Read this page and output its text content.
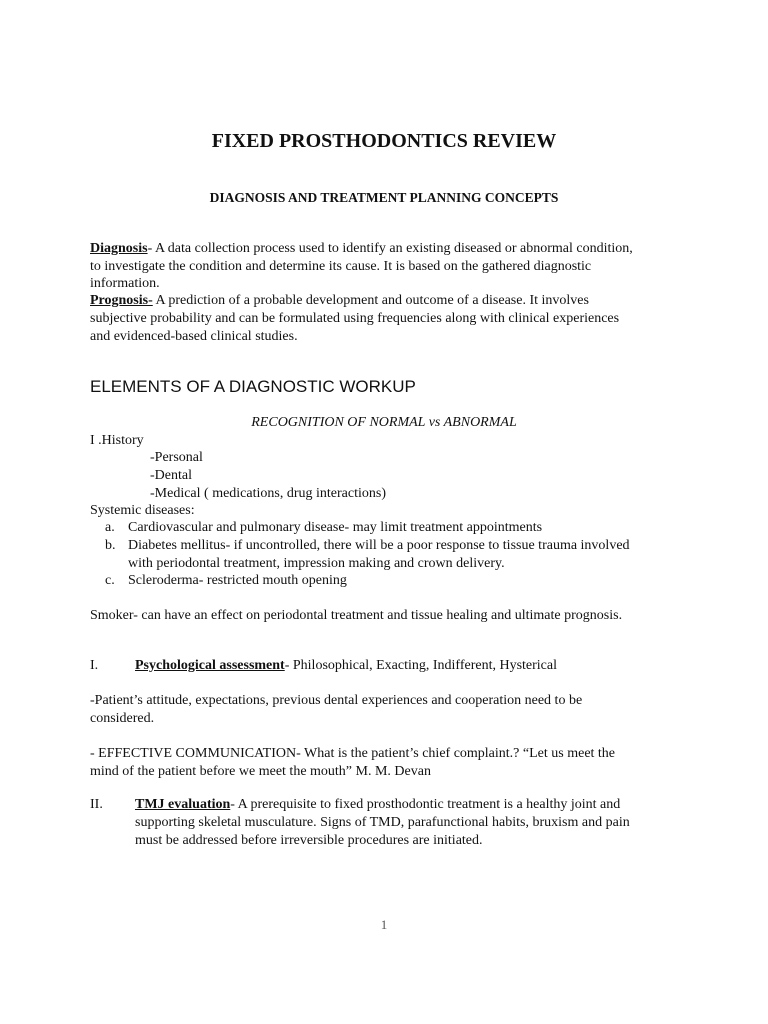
FIXED PROSTHODONTICS REVIEW
DIAGNOSIS AND TREATMENT PLANNING CONCEPTS
Diagnosis- A data collection process used to identify an existing diseased or abnormal condition,
to investigate the condition and determine its cause. It is based on the gathered diagnostic
information.
Prognosis- A prediction of a probable development and outcome of a disease. It involves
subjective probability and can be formulated using frequencies along with clinical experiences
and evidenced-based clinical studies.
ELEMENTS OF A DIAGNOSTIC WORKUP
RECOGNITION OF NORMAL vs ABNORMAL
I .History
-Personal
-Dental
-Medical ( medications, drug interactions)
Systemic diseases:
a. Cardiovascular and pulmonary disease- may limit treatment appointments
b. Diabetes mellitus- if uncontrolled, there will be a poor response to tissue trauma involved
with periodontal treatment, impression making and crown delivery.
c. Scleroderma- restricted mouth opening
Smoker- can have an effect on periodontal treatment and tissue healing and ultimate prognosis.
I.	Psychological assessment- Philosophical, Exacting, Indifferent, Hysterical
-Patient’s attitude, expectations, previous dental experiences and cooperation need to be
considered.
- EFFECTIVE COMMUNICATION- What is the patient’s chief complaint.? “Let us meet the
mind of the patient before we meet the mouth” M. M. Devan
II.	TMJ evaluation- A prerequisite to fixed prosthodontic treatment is a healthy joint and
supporting skeletal musculature. Signs of TMD, parafunctional habits, bruxism and pain
must be addressed before irreversible procedures are initiated.
1
